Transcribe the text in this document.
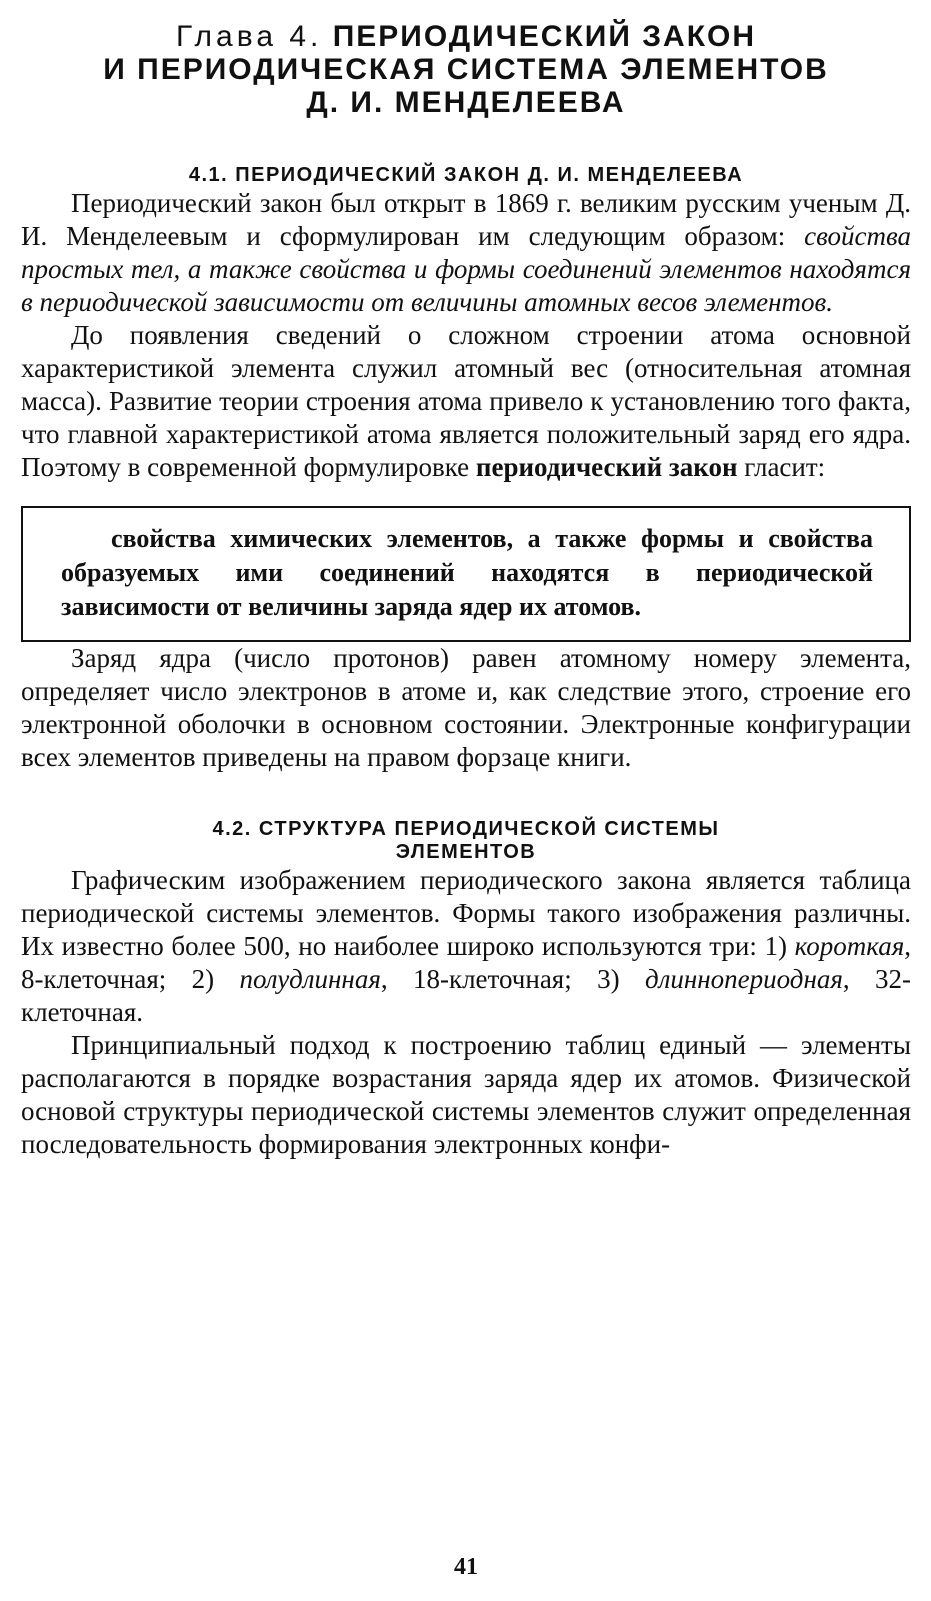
Глава 4. ПЕРИОДИЧЕСКИЙ ЗАКОН
И ПЕРИОДИЧЕСКАЯ СИСТЕМА ЭЛЕМЕНТОВ
Д. И. МЕНДЕЛЕЕВА
4.1. ПЕРИОДИЧЕСКИЙ ЗАКОН Д. И. МЕНДЕЛЕЕВА

Периодический закон был открыт в 1869 г. великим русским ученым Д. И. Менделеевым и сформулирован им следующим образом: свойства простых тел, а также свойства и формы соединений элементов находятся в периодической зависимости от величины атомных весов элементов.

До появления сведений о сложном строении атома основной характеристикой элемента служил атомный вес (относительная атомная масса). Развитие теории строения атома привело к установлению того факта, что главной характеристикой атома является положительный заряд его ядра. Поэтому в современной формулировке периодический закон гласит:

свойства химических элементов, а также формы и свойства образуемых ими соединений находятся в периодической зависимости от величины заряда ядер их атомов.

Заряд ядра (число протонов) равен атомному номеру элемента, определяет число электронов в атоме и, как следствие этого, строение его электронной оболочки в основном состоянии. Электронные конфигурации всех элементов приведены на правом форзаце книги.

4.2. СТРУКТУРА ПЕРИОДИЧЕСКОЙ СИСТЕМЫ
ЭЛЕМЕНТОВ

Графическим изображением периодического закона является таблица периодической системы элементов. Формы такого изображения различны. Их известно более 500, но наиболее широко используются три: 1) короткая, 8-клеточная; 2) полудлинная, 18-клеточная; 3) длиннопериодная, 32-клеточная.

Принципиальный подход к построению таблиц единый — элементы располагаются в порядке возрастания заряда ядер их атомов. Физической основой структуры периодической системы элементов служит определенная последовательность формирования электронных конфи-

41
